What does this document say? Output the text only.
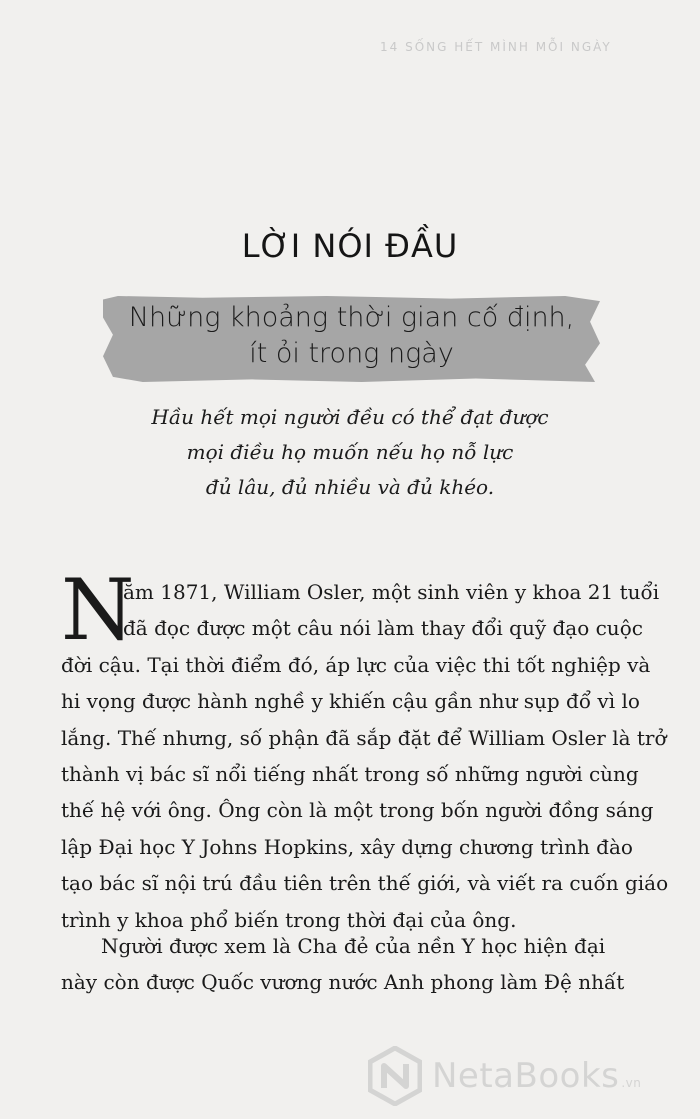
14 SỐNG HẾT MÌNH MỖI NGÀY
LỜI NÓI ĐẦU

Những khoảng thời gian cố định,
ít ỏi trong ngày

Hầu hết mọi người đều có thể đạt được
mọi điều họ muốn nếu họ nỗ lực
đủ lâu, đủ nhiều và đủ khéo.

N

ăm 1871, William Osler, một sinh viên y khoa 21 tuổi
đã đọc được một câu nói làm thay đổi quỹ đạo cuộc
đời cậu. Tại thời điểm đó, áp lực của việc thi tốt nghiệp và
hi vọng được hành nghề y khiến cậu gần như sụp đổ vì lo
lắng. Thế nhưng, số phận đã sắp đặt để William Osler là trở
thành vị bác sĩ nổi tiếng nhất trong số những người cùng
thế hệ với ông. Ông còn là một trong bốn người đồng sáng
lập Đại học Y Johns Hopkins, xây dựng chương trình đào
tạo bác sĩ nội trú đầu tiên trên thế giới, và viết ra cuốn giáo
trình y khoa phổ biến trong thời đại của ông.

Người được xem là Cha đẻ của nền Y học hiện đại
này còn được Quốc vương nước Anh phong làm Đệ nhất

NetaBooks .vn
